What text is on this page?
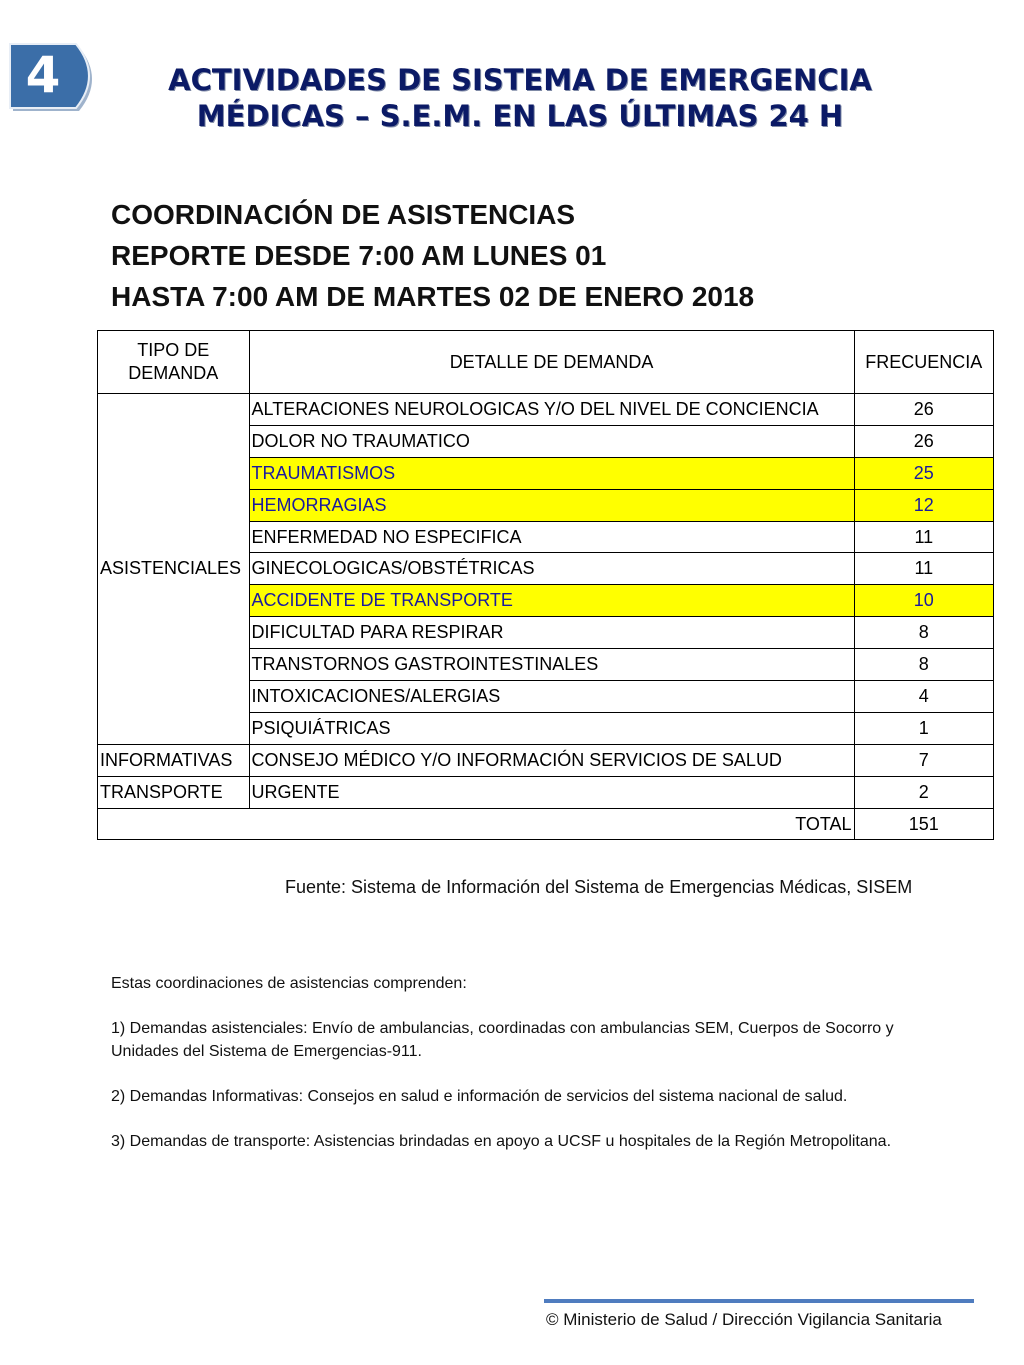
4	ACTIVIDADES DE SISTEMA DE EMERGENCIA
MÉDICAS – S.E.M. EN LAS ÚLTIMAS 24 H
COORDINACIÓN DE ASISTENCIAS
REPORTE DESDE 7:00 AM LUNES 01
HASTA 7:00 AM DE MARTES 02 DE ENERO 2018
TIPO DE DEMANDA	DETALLE DE DEMANDA	FRECUENCIA
ASISTENCIALES	ALTERACIONES NEUROLOGICAS Y/O DEL NIVEL DE CONCIENCIA	26
	DOLOR NO TRAUMATICO	26
	TRAUMATISMOS	25
	HEMORRAGIAS	12
	ENFERMEDAD NO ESPECIFICA	11
	GINECOLOGICAS/OBSTÉTRICAS	11
	ACCIDENTE DE TRANSPORTE	10
	DIFICULTAD PARA RESPIRAR	8
	TRANSTORNOS GASTROINTESTINALES	8
	INTOXICACIONES/ALERGIAS	4
	PSIQUIÁTRICAS	1
INFORMATIVAS	CONSEJO MÉDICO Y/O INFORMACIÓN SERVICIOS DE SALUD	7
TRANSPORTE	URGENTE	2
TOTAL		151
Fuente: Sistema de Información del Sistema de Emergencias Médicas, SISEM

Estas coordinaciones de asistencias comprenden:

1) Demandas asistenciales: Envío de ambulancias, coordinadas con ambulancias SEM, Cuerpos de Socorro y Unidades del Sistema de Emergencias-911.

2) Demandas Informativas: Consejos en salud e información de servicios del sistema nacional de salud.

3) Demandas de transporte: Asistencias brindadas en apoyo a UCSF u hospitales de la Región Metropolitana.

© Ministerio de Salud / Dirección Vigilancia Sanitaria
